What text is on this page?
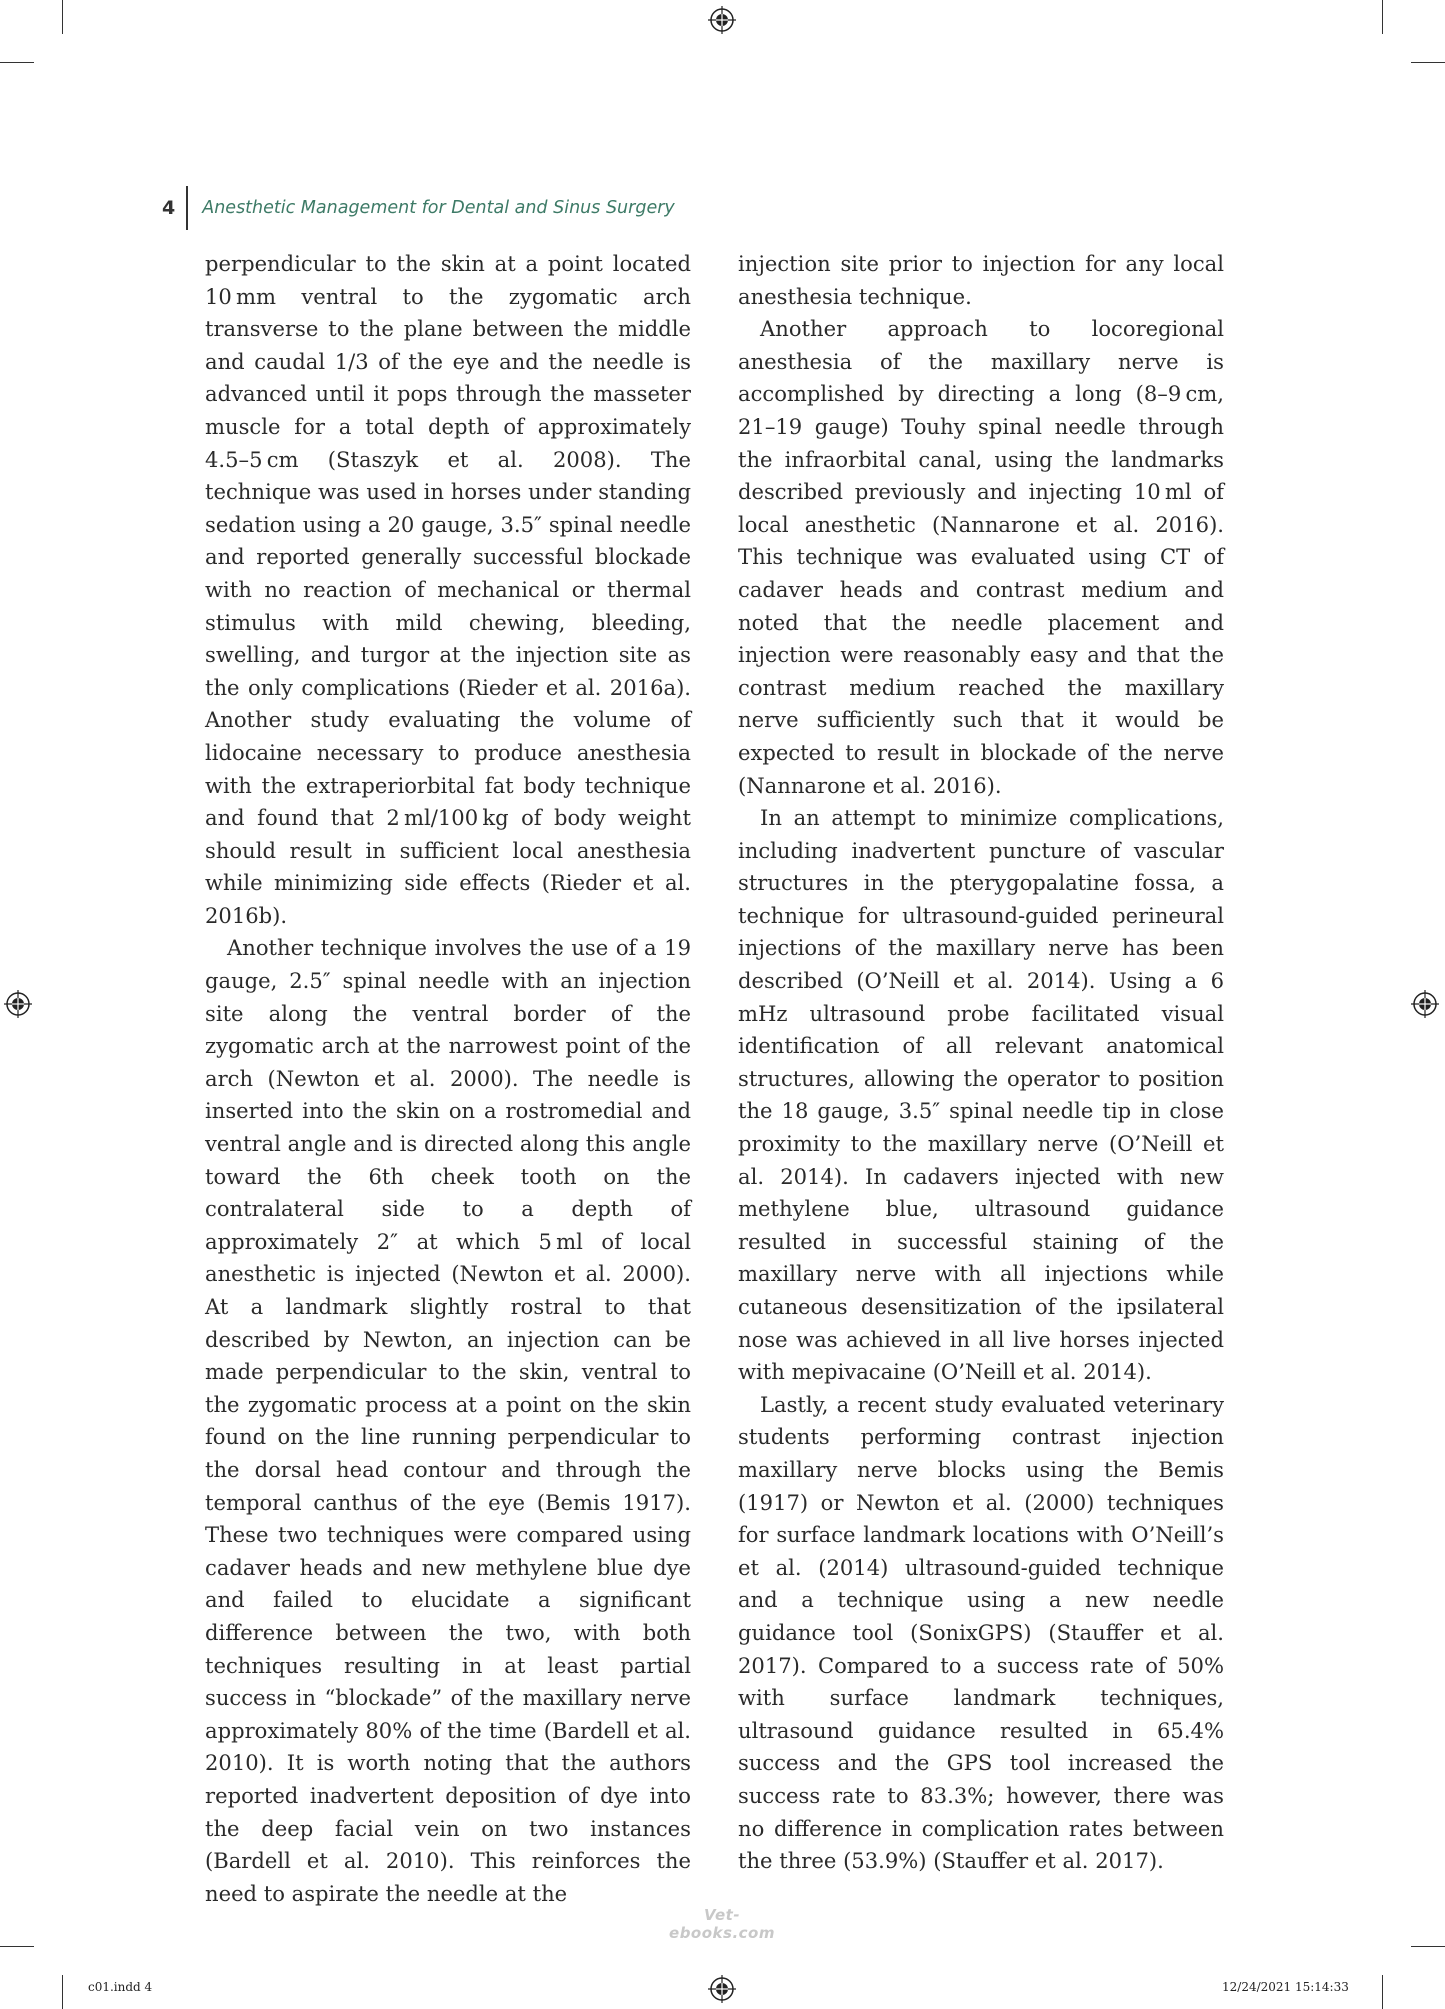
4	Anesthetic Management for Dental and Sinus Surgery

perpendicular to the skin at a point located 10 mm ventral to the zygomatic arch transverse to the plane between the middle and caudal 1/3 of the eye and the needle is advanced until it pops through the masseter muscle for a total depth of approximately 4.5–5 cm (Staszyk et al. 2008). The technique was used in horses under standing sedation using a 20 gauge, 3.5″ spinal needle and reported generally successful blockade with no reaction of mechanical or thermal stimulus with mild chewing, bleeding, swelling, and turgor at the injection site as the only complications (Rieder et al. 2016a). Another study evaluating the volume of lidocaine necessary to produce anesthesia with the extraperiorbital fat body technique and found that 2 ml/100 kg of body weight should result in sufficient local anesthesia while minimizing side effects (Rieder et al. 2016b).

Another technique involves the use of a 19 gauge, 2.5″ spinal needle with an injection site along the ventral border of the zygomatic arch at the narrowest point of the arch (Newton et al. 2000). The needle is inserted into the skin on a rostromedial and ventral angle and is directed along this angle toward the 6th cheek tooth on the contralateral side to a depth of approximately 2″ at which 5 ml of local anesthetic is injected (Newton et al. 2000). At a landmark slightly rostral to that described by Newton, an injection can be made perpendicular to the skin, ventral to the zygomatic process at a point on the skin found on the line running perpendicular to the dorsal head contour and through the temporal canthus of the eye (Bemis 1917). These two techniques were compared using cadaver heads and new methylene blue dye and failed to elucidate a significant difference between the two, with both techniques resulting in at least partial success in “blockade” of the maxillary nerve approximately 80% of the time (Bardell et al. 2010). It is worth noting that the authors reported inadvertent deposition of dye into the deep facial vein on two instances (Bardell et al. 2010). This reinforces the need to aspirate the needle at the

injection site prior to injection for any local anesthesia technique.

Another approach to locoregional anesthesia of the maxillary nerve is accomplished by directing a long (8–9 cm, 21–19 gauge) Touhy spinal needle through the infraorbital canal, using the landmarks described previously and injecting 10 ml of local anesthetic (Nannarone et al. 2016). This technique was evaluated using CT of cadaver heads and contrast medium and noted that the needle placement and injection were reasonably easy and that the contrast medium reached the maxillary nerve sufficiently such that it would be expected to result in blockade of the nerve (Nannarone et al. 2016).

In an attempt to minimize complications, including inadvertent puncture of vascular structures in the pterygopalatine fossa, a technique for ultrasound-guided perineural injections of the maxillary nerve has been described (O’Neill et al. 2014). Using a 6 mHz ultrasound probe facilitated visual identification of all relevant anatomical structures, allowing the operator to position the 18 gauge, 3.5″ spinal needle tip in close proximity to the maxillary nerve (O’Neill et al. 2014). In cadavers injected with new methylene blue, ultrasound guidance resulted in successful staining of the maxillary nerve with all injections while cutaneous desensitization of the ipsilateral nose was achieved in all live horses injected with mepivacaine (O’Neill et al. 2014).

Lastly, a recent study evaluated veterinary students performing contrast injection maxillary nerve blocks using the Bemis (1917) or Newton et al. (2000) techniques for surface landmark locations with O’Neill’s et al. (2014) ultrasound-guided technique and a technique using a new needle guidance tool (SonixGPS) (Stauffer et al. 2017). Compared to a success rate of 50% with surface landmark techniques, ultrasound guidance resulted in 65.4% success and the GPS tool increased the success rate to 83.3%; however, there was no difference in complication rates between the three (53.9%) (Stauffer et al. 2017).

Vet-ebooks.com
c01.indd 4	12/24/2021 15:14:33
